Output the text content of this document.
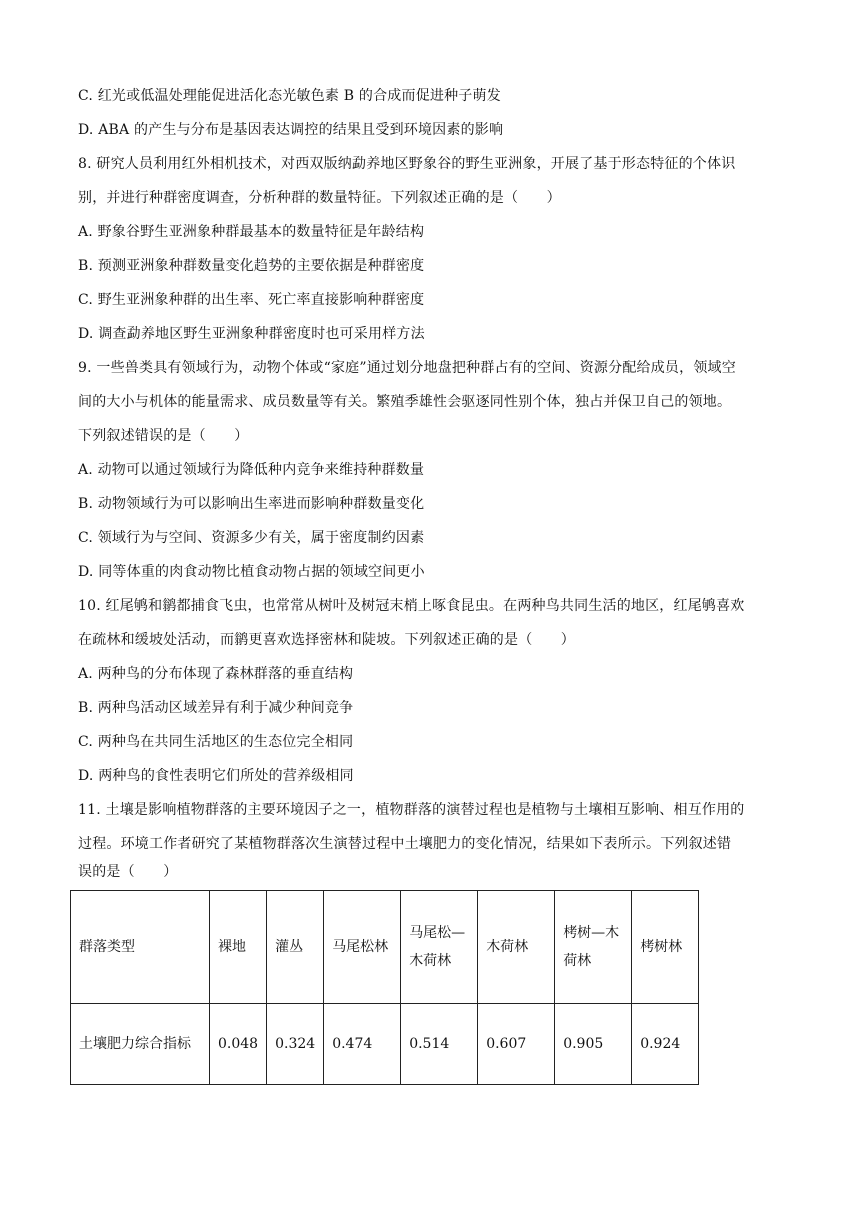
C. 红光或低温处理能促进活化态光敏色素 B 的合成而促进种子萌发
D. ABA 的产生与分布是基因表达调控的结果且受到环境因素的影响
8. 研究人员利用红外相机技术，对西双版纳勐养地区野象谷的野生亚洲象，开展了基于形态特征的个体识
别，并进行种群密度调查，分析种群的数量特征。下列叙述正确的是（　　）
A. 野象谷野生亚洲象种群最基本的数量特征是年龄结构
B. 预测亚洲象种群数量变化趋势的主要依据是种群密度
C. 野生亚洲象种群的出生率、死亡率直接影响种群密度
D. 调查勐养地区野生亚洲象种群密度时也可采用样方法
9. 一些兽类具有领域行为，动物个体或“家庭”通过划分地盘把种群占有的空间、资源分配给成员，领域空
间的大小与机体的能量需求、成员数量等有关。繁殖季雄性会驱逐同性别个体，独占并保卫自己的领地。
下列叙述错误的是（　　）
A. 动物可以通过领域行为降低种内竞争来维持种群数量
B. 动物领域行为可以影响出生率进而影响种群数量变化
C. 领域行为与空间、资源多少有关，属于密度制约因素
D. 同等体重的肉食动物比植食动物占据的领域空间更小
10. 红尾鸲和鹟都捕食飞虫，也常常从树叶及树冠末梢上啄食昆虫。在两种鸟共同生活的地区，红尾鸲喜欢
在疏林和缓坡处活动，而鹟更喜欢选择密林和陡坡。下列叙述正确的是（　　）
A. 两种鸟的分布体现了森林群落的垂直结构
B. 两种鸟活动区域差异有利于减少种间竞争
C. 两种鸟在共同生活地区的生态位完全相同
D. 两种鸟的食性表明它们所处的营养级相同
11. 土壤是影响植物群落的主要环境因子之一，植物群落的演替过程也是植物与土壤相互影响、相互作用的
过程。环境工作者研究了某植物群落次生演替过程中土壤肥力的变化情况，结果如下表所示。下列叙述错
误的是（　　）
群落类型	裸地	灌丛	马尾松林	马尾松—木荷林	木荷林	栲树—木荷林	栲树林
土壤肥力综合指标	0.048	0.324	0.474	0.514	0.607	0.905	0.924
